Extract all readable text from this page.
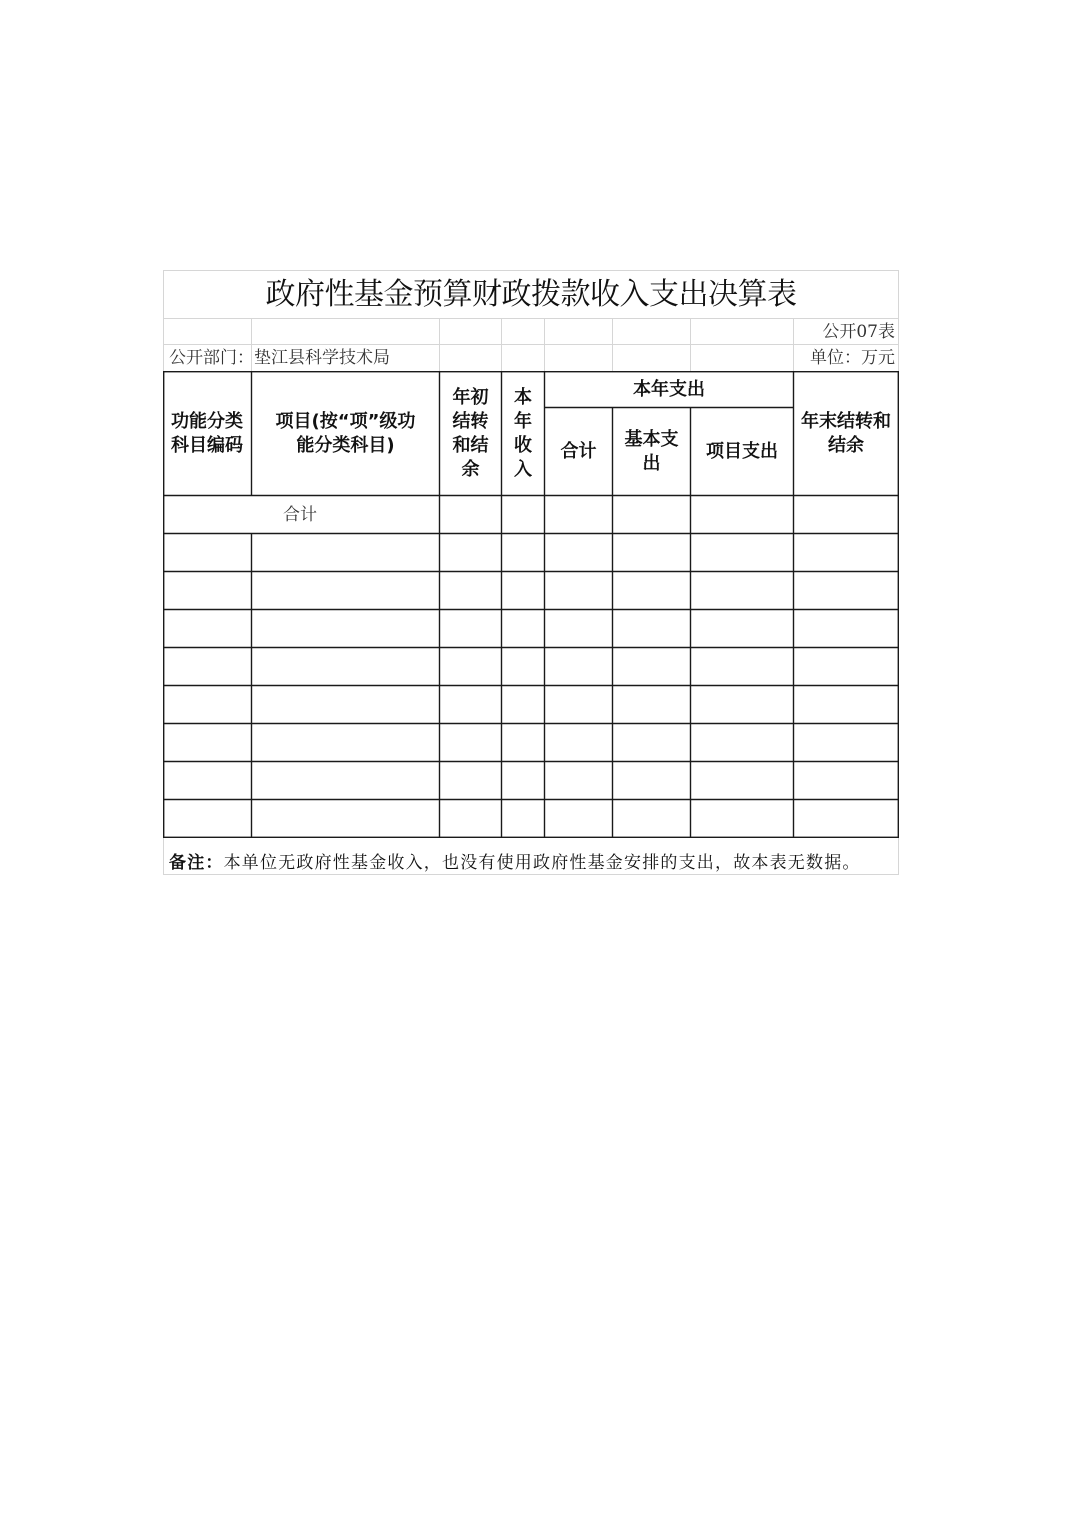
政府性基金预算财政拨款收入支出决算表
公开07表
公开部门：垫江县科学技术局	单位：万元
功能分类
科目编码
项目(按“项”级功
能分类科目)
年初
结转
和结
余
本
年
收
入
本年支出
合计
基本支
出
项目支出
年末结转和
结余
合计
备注：本单位无政府性基金收入，也没有使用政府性基金安排的支出，故本表无数据。
